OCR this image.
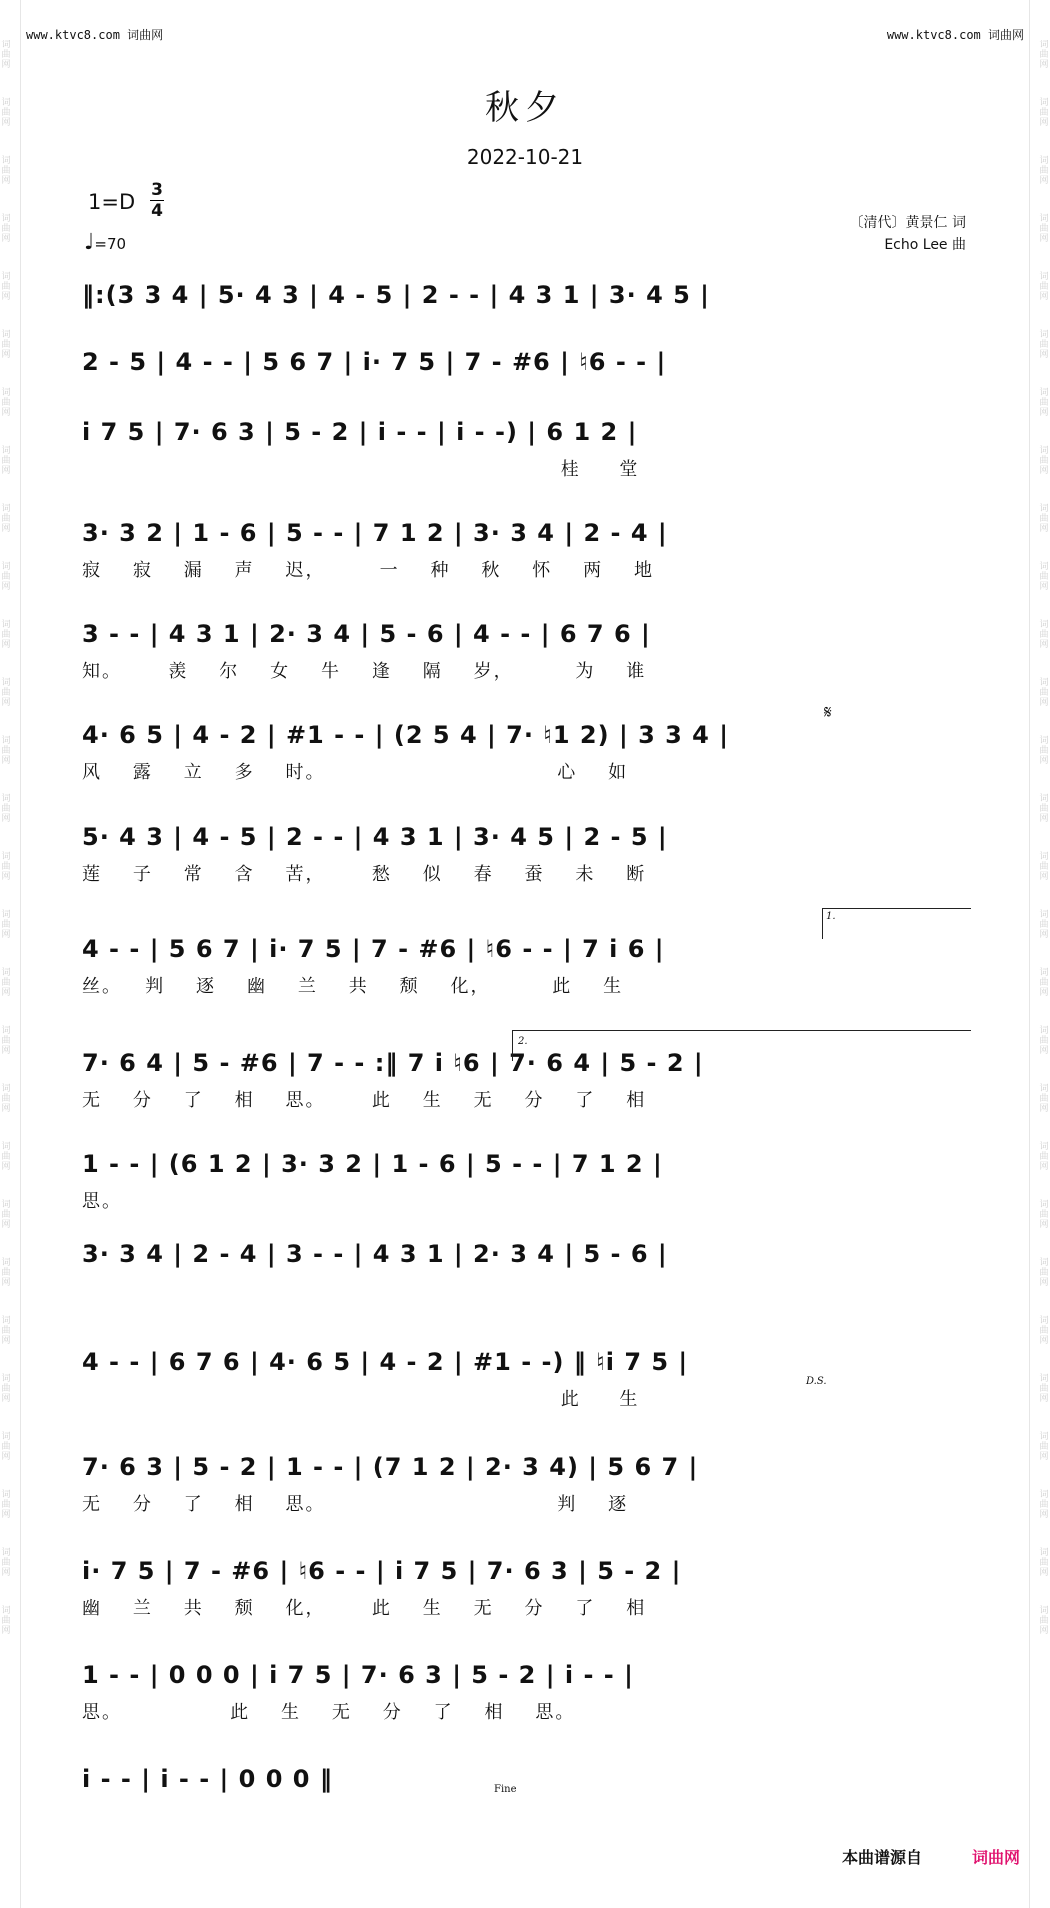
词曲网
词曲网
词曲网
词曲网
词曲网
词曲网
词曲网
词曲网
词曲网
词曲网
词曲网
词曲网
词曲网
词曲网
词曲网
词曲网
词曲网
词曲网
词曲网
词曲网
词曲网
词曲网
词曲网
词曲网
词曲网
词曲网
词曲网
词曲网
词曲网
词曲网
词曲网
词曲网
词曲网
词曲网
词曲网
词曲网
词曲网
词曲网
词曲网
词曲网
词曲网
词曲网
词曲网
词曲网
词曲网
词曲网
词曲网
词曲网
词曲网
词曲网
词曲网
词曲网
词曲网
词曲网
词曲网
词曲网
www.ktvc8.com 词曲网	www.ktvc8.com 词曲网
秋夕
2022-10-21
1=D 3
4
♩=70
〔清代〕黄景仁 词
Echo Lee 曲
‖:(3 3 4 | 5· 4 3 | 4 - 5 | 2 - - | 4 3 1 | 3· 4 5 |
2 - 5 | 4 - - | 5 6 7 | i· 7 5 | 7 - #6 | ♮6 - - |
i 7 5 | 7· 6 3 | 5 - 2 | i - - | i - -) | 6 1 2 |
桂     堂
3· 3 2 | 1 - 6 | 5 - - | 7 1 2 | 3· 3 4 | 2 - 4 |
寂    寂    漏    声    迟，       一    种    秋    怀    两    地
3 - - | 4 3 1 | 2· 3 4 | 5 - 6 | 4 - - | 6 7 6 |
知。      羡    尔    女    牛    逢    隔    岁，        为    谁
4· 6 5 | 4 - 2 | #1 - - | (2 5 4 | 7· ♮1 2) | 3 3 4 |
风    露    立    多    时。                              心    如
5· 4 3 | 4 - 5 | 2 - - | 4 3 1 | 3· 4 5 | 2 - 5 |
莲    子    常    含    苦，      愁    似    春    蚕    未    断
4 - - | 5 6 7 | i· 7 5 | 7 - #6 | ♮6 - - | 7 i 6 |
丝。   判    逐    幽    兰    共    颓    化，        此    生
7· 6 4 | 5 - #6 | 7 - - :‖ 7 i ♮6 | 7· 6 4 | 5 - 2 |
无    分    了    相    思。      此    生    无    分    了    相
1 - - | (6 1 2 | 3· 3 2 | 1 - 6 | 5 - - | 7 1 2 |
思。
3· 3 4 | 2 - 4 | 3 - - | 4 3 1 | 2· 3 4 | 5 - 6 |
4 - - | 6 7 6 | 4· 6 5 | 4 - 2 | #1 - -) ‖ ♮i 7 5 |
此     生
7· 6 3 | 5 - 2 | 1 - - | (7 1 2 | 2· 3 4) | 5 6 7 |
无    分    了    相    思。                              判    逐
i· 7 5 | 7 - #6 | ♮6 - - | i 7 5 | 7· 6 3 | 5 - 2 |
幽    兰    共    颓    化，      此    生    无    分    了    相
1 - - | 0 0 0 | i 7 5 | 7· 6 3 | 5 - 2 | i - - |
思。              此    生    无    分    了    相    思。
i - - | i - - | 0 0 0 ‖
1.
2.
𝄋
D.S.
Fine
本曲谱源自	词曲网
